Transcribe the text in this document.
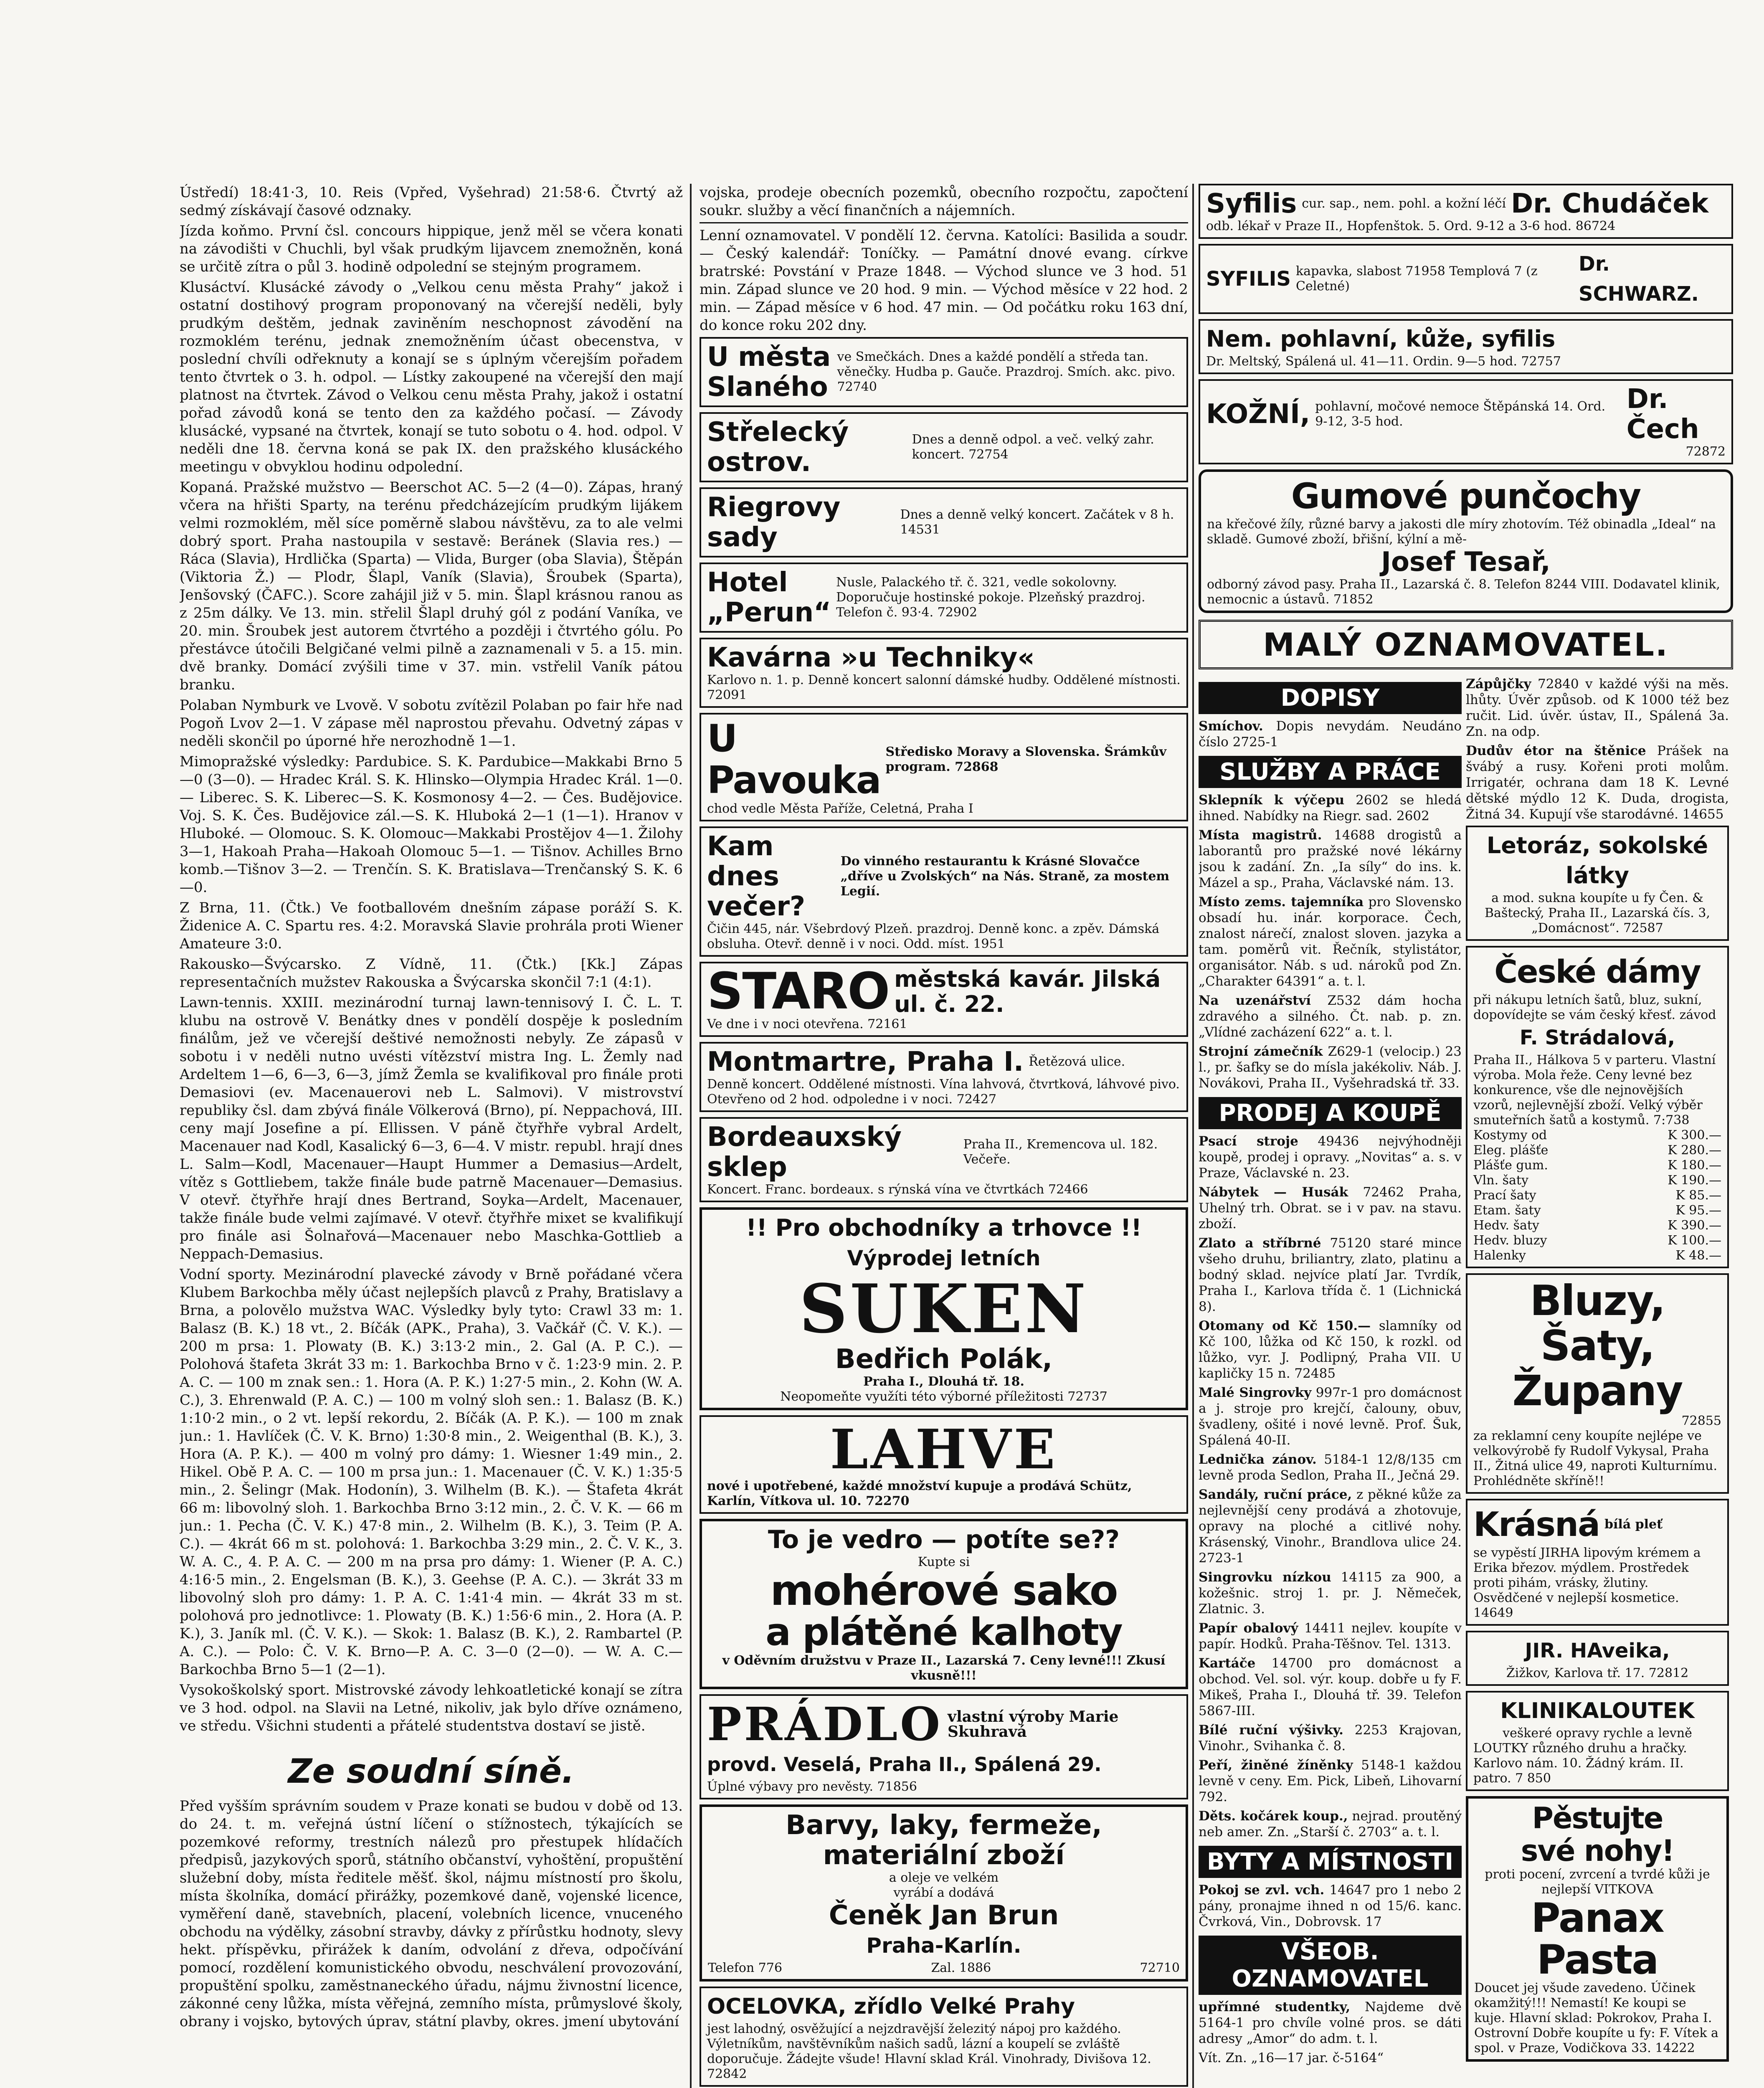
Ústředí) 18:41·3, 10. Reis (Vpřed, Vyšehrad) 21:58·6. Čtvrtý až sedmý získávají časové odznaky.

Jízda koňmo. První čsl. concours hippique, jenž měl se včera konati na závodišti v Chuchli, byl však prudkým lijavcem znemožněn, koná se určitě zítra o půl 3. hodině odpolední se stejným programem.

Klusáctví. Klusácké závody o „Velkou cenu města Prahy“ jakož i ostatní dostihový program proponovaný na včerejší neděli, byly prudkým deštěm, jednak zaviněním neschopnost závodění na rozmoklém terénu, jednak znemožněním účast obecenstva, v poslední chvíli odřeknuty a konají se s úplným včerejším pořadem tento čtvrtek o 3. h. odpol. — Lístky zakoupené na včerejší den mají platnost na čtvrtek. Závod o Velkou cenu města Prahy, jakož i ostatní pořad závodů koná se tento den za každého počasí. — Závody klusácké, vypsané na čtvrtek, konají se tuto sobotu o 4. hod. odpol. V neděli dne 18. června koná se pak IX. den pražského klusáckého meetingu v obvyklou hodinu odpolední.

Kopaná. Pražské mužstvo — Beerschot AC. 5—2 (4—0). Zápas, hraný včera na hřišti Sparty, na terénu předcházejícím prudkým lijákem velmi rozmoklém, měl síce poměrně slabou návštěvu, za to ale velmi dobrý sport. Praha nastoupila v sestavě: Beránek (Slavia res.) — Ráca (Slavia), Hrdlička (Sparta) — Vlida, Burger (oba Slavia), Štěpán (Viktoria Ž.) — Plodr, Šlapl, Vaník (Slavia), Šroubek (Sparta), Jenšovský (ČAFC.). Score zahájil již v 5. min. Šlapl krásnou ranou as z 25m dálky. Ve 13. min. střelil Šlapl druhý gól z podání Vaníka, ve 20. min. Šroubek jest autorem čtvrtého a později i čtvrtého gólu. Po přestávce útočili Belgičané velmi pilně a zaznamenali v 5. a 15. min. dvě branky. Domácí zvýšili time v 37. min. vstřelil Vaník pátou branku.

Polaban Nymburk ve Lvově. V sobotu zvítězil Polaban po fair hře nad Pogoň Lvov 2—1. V zápase měl naprostou převahu. Odvetný zápas v neděli skončil po úporné hře nerozhodně 1—1.

Mimopražské výsledky: Pardubice. S. K. Pardubice—Makkabi Brno 5—0 (3—0). — Hradec Král. S. K. Hlinsko—Olympia Hradec Král. 1—0. — Liberec. S. K. Liberec—S. K. Kosmonosy 4—2. — Čes. Budějovice. Voj. S. K. Čes. Budějovice zál.—S. K. Hluboká 2—1 (1—1). Hranov v Hluboké. — Olomouc. S. K. Olomouc—Makkabi Prostějov 4—1. Žilohy 3—1, Hakoah Praha—Hakoah Olomouc 5—1. — Tišnov. Achilles Brno komb.—Tišnov 3—2. — Trenčín. S. K. Bratislava—Trenčanský S. K. 6—0.

Z Brna, 11. (Čtk.) Ve footballovém dnešním zápase poráží S. K. Židenice A. C. Spartu res. 4:2. Moravská Slavie prohrála proti Wiener Amateure 3:0.

Rakousko—Švýcarsko. Z Vídně, 11. (Čtk.) [Kk.] Zápas representačních mužstev Rakouska a Švýcarska skončil 7:1 (4:1).

Lawn-tennis. XXIII. mezinárodní turnaj lawn-tennisový I. Č. L. T. klubu na ostrově V. Benátky dnes v pondělí dospěje k posledním finálům, jež ve včerejší deštivé nemožnosti nebyly. Ze zápasů v sobotu i v neděli nutno uvésti vítězství mistra Ing. L. Žemly nad Ardeltem 1—6, 6—3, 6—3, jímž Žemla se kvalifikoval pro finále proti Demasiovi (ev. Macenauerovi neb L. Salmovi). V mistrovství republiky čsl. dam zbývá finále Völkerová (Brno), pí. Neppachová, III. ceny mají Josefine a pí. Ellissen. V páně čtyřhře vybral Ardelt, Macenauer nad Kodl, Kasalický 6—3, 6—4. V mistr. republ. hrají dnes L. Salm—Kodl, Macenauer—Haupt Hummer a Demasius—Ardelt, vítěz s Gottliebem, takže finále bude patrně Macenauer—Demasius. V otevř. čtyřhře hrají dnes Bertrand, Soyka—Ardelt, Macenauer, takže finále bude velmi zajímavé. V otevř. čtyřhře mixet se kvalifikují pro finále asi Šolnařová—Macenauer nebo Maschka-Gottlieb a Neppach-Demasius.

Vodní sporty. Mezinárodní plavecké závody v Brně pořádané včera Klubem Barkochba měly účast nejlepších plavců z Prahy, Bratislavy a Brna, a polovělo mužstva WAC. Výsledky byly tyto: Crawl 33 m: 1. Balasz (B. K.) 18 vt., 2. Bíčák (APK., Praha), 3. Vačkář (Č. V. K.). — 200 m prsa: 1. Plowaty (B. K.) 3:13·2 min., 2. Gal (A. P. C.). — Polohová štafeta 3krát 33 m: 1. Barkochba Brno v č. 1:23·9 min. 2. P. A. C. — 100 m znak sen.: 1. Hora (A. P. K.) 1:27·5 min., 2. Kohn (W. A. C.), 3. Ehrenwald (P. A. C.) — 100 m volný sloh sen.: 1. Balasz (B. K.) 1:10·2 min., o 2 vt. lepší rekordu, 2. Bíčák (A. P. K.). — 100 m znak jun.: 1. Havlíček (Č. V. K. Brno) 1:30·8 min., 2. Weigenthal (B. K.), 3. Hora (A. P. K.). — 400 m volný pro dámy: 1. Wiesner 1:49 min., 2. Hikel. Obě P. A. C. — 100 m prsa jun.: 1. Macenauer (Č. V. K.) 1:35·5 min., 2. Šelingr (Mak. Hodonín), 3. Wilhelm (B. K.). — Štafeta 4krát 66 m: libovolný sloh. 1. Barkochba Brno 3:12 min., 2. Č. V. K. — 66 m jun.: 1. Pecha (Č. V. K.) 47·8 min., 2. Wilhelm (B. K.), 3. Teim (P. A. C.). — 4krát 66 m st. polohová: 1. Barkochba 3:29 min., 2. Č. V. K., 3. W. A. C., 4. P. A. C. — 200 m na prsa pro dámy: 1. Wiener (P. A. C.) 4:16·5 min., 2. Engelsman (B. K.), 3. Geehse (P. A. C.). — 3krát 33 m libovolný sloh pro dámy: 1. P. A. C. 1:41·4 min. — 4krát 33 m st. polohová pro jednotlivce: 1. Plowaty (B. K.) 1:56·6 min., 2. Hora (A. P. K.), 3. Janík ml. (Č. V. K.). — Skok: 1. Balasz (B. K.), 2. Rambartel (P. A. C.). — Polo: Č. V. K. Brno—P. A. C. 3—0 (2—0). — W. A. C.—Barkochba Brno 5—1 (2—1).

Vysokoškolský sport. Mistrovské závody lehkoatletické konají se zítra ve 3 hod. odpol. na Slavii na Letné, nikoliv, jak bylo dříve oznámeno, ve středu. Všichni studenti a přátelé studentstva dostaví se jistě.

Ze soudní síně.

Před vyšším správním soudem v Praze konati se budou v době od 13. do 24. t. m. veřejná ústní líčení o stížnostech, týkajících se pozemkové reformy, trestních nálezů pro přestupek hlídačích předpisů, jazykových sporů, státního občanství, vyhoštění, propuštění služební doby, místa ředitele měšť. škol, nájmu místností pro školu, místa školníka, domácí přirážky, pozemkové daně, vojenské licence, vyměření daně, stavebních, placení, volebních licence, vnuceného obchodu na výdělky, zásobní stravby, dávky z přírůstku hodnoty, slevy hekt. příspěvku, přirážek k daním, odvolání z dřeva, odpočívání pomocí, rozdělení komunistického obvodu, neschválení provozování, propuštění spolku, zaměstnaneckého úřadu, nájmu živnostní licence, zákonné ceny lůžka, místa věřejná, zemního místa, průmyslové školy, obrany i vojsko, bytových úprav, státní plavby, okres. jmení ubytování

vojska, prodeje obecních pozemků, obecního rozpočtu, započtení soukr. služby a věcí finančních a nájemních.

Lenní oznamovatel. V pondělí 12. června. Katolíci: Basilida a soudr. — Český kalendář: Toníčky. — Památní dnové evang. církve bratrské: Povstání v Praze 1848. — Východ slunce ve 3 hod. 51 min. Západ slunce ve 20 hod. 9 min. — Východ měsíce v 22 hod. 2 min. — Západ měsíce v 6 hod. 47 min. — Od počátku roku 163 dní, do konce roku 202 dny.

U města Slaného
ve Smečkách. Dnes a každé pondělí a středa tan. věnečky. Hudba p. Gauče. Prazdroj. Smích. akc. pivo. 72740
Střelecký ostrov.
Dnes a denně odpol. a več. velký zahr. koncert. 72754
Riegrovy sady
Dnes a denně velký koncert. Začátek v 8 h. 14531
Hotel „Perun“
Nusle, Palackého tř. č. 321, vedle sokolovny. Doporučuje hostinské pokoje. Plzeňský prazdroj. Telefon č. 93·4. 72902
Kavárna »u Techniky«
Karlovo n. 1. p. Denně koncert salonní dámské hudby. Oddělené místnosti. 72091
U Pavouka
Středisko Moravy a Slovenska. Šrámkův program. 72868
chod vedle Města Paříže, Celetná, Praha I
Kam dnes večer?
Do vinného restaurantu k Krásné Slovačce „dříve u Zvolských“ na Nás. Straně, za mostem Legií.
Čičin 445, nár. Všebrdový Plzeň. prazdroj. Denně konc. a zpěv. Dámská obsluha. Otevř. denně i v noci. Odd. míst. 1951
STARO městská kavár. Jilská ul. č. 22.
Ve dne i v noci otevřena. 72161
Montmartre, Praha I. Řetězová ulice.
Denně koncert. Oddělené místnosti. Vína lahvová, čtvrtková, láhvové pivo. Otevřeno od 2 hod. odpoledne i v noci. 72427
Bordeauxský sklep
Praha II., Kremencova ul. 182. Večeře.
Koncert. Franc. bordeaux. s rýnská vína ve čtvrtkách 72466
!! Pro obchodníky a trhovce !!
Výprodej letních
SUKEN
Bedřich Polák,
Praha I., Dlouhá tř. 18.
Neopomeňte využíti této výborné příležitosti 72737
LAHVE
nové i upotřebené, každé množství kupuje a prodává Schütz, Karlín, Vítkova ul. 10. 72270
To je vedro — potíte se??
Kupte si
mohérové sako
a plátěné kalhoty
v Oděvním družstvu v Praze II., Lazarská 7. Ceny levné!!! Zkusí vkusně!!!
PRÁDLO vlastní výroby Marie Skuhravá
provd. Veselá, Praha II., Spálená 29.
Úplné výbavy pro nevěsty. 71856
Barvy, laky, fermeže,
materiální zboží
a oleje ve velkém
vyrábí a dodává
Čeněk Jan Brun
Praha-Karlín.
Telefon 776	Zal. 1886	72710
OCELOVKA, zřídlo Velké Prahy
jest lahodný, osvěžující a nejzdravější železitý nápoj pro každého. Výletníkům, navštěvníkům našich sadů, lázní a koupelí se zvláště doporučuje. Žádejte všude! Hlavní sklad Král. Vinohrady, Divišova 12. 72842
Syfilis cur. sap., nem. pohl. a kožní léčí Dr. Chudáček
odb. lékař v Praze II., Hopfenštok. 5. Ord. 9-12 a 3-6 hod. 86724
SYFILIS kapavka, slabost 71958 Templová 7 (z Celetné)
Dr. SCHWARZ.
Nem. pohlavní, kůže, syfilis
Dr. Meltský, Spálená ul. 41—11. Ordin. 9—5 hod. 72757
KOŽNÍ, pohlavní, močové nemoce Štěpánská 14. Ord. 9-12, 3-5 hod.
Dr. Čech
72872
Gumové punčochy
na křečové žíly, různé barvy a jakosti dle míry zhotovím. Též obinadla „Ideal“ na skladě. Gumové zboží, břišní, kýlní a mě-
Josef Tesař,
odborný závod pasy. Praha II., Lazarská č. 8. Telefon 8244 VIII. Dodavatel klinik, nemocnic a ústavů. 71852
MALÝ OZNAMOVATEL.
DOPISY

Smíchov. Dopis nevydám. Neudáno číslo 2725-1

SLUŽBY A PRÁCE

Sklepník k výčepu 2602 se hledá ihned. Nabídky na Riegr. sad. 2602

Místa magistrů. 14688 drogistů a laborantů pro pražské nové lékárny jsou k zadání. Zn. „Ia síly“ do ins. k. Mázel a sp., Praha, Václavské nám. 13.

Místo zems. tajemníka pro Slovensko obsadí hu. inár. korporace. Čech, znalost nárečí, znalost sloven. jazyka a tam. poměrů vit. Řečník, stylistátor, organisátor. Náb. s ud. nároků pod Zn. „Charakter 64391“ a. t. l.

Na uzenářství Z532 dám hocha zdravého a silného. Čt. nab. p. zn. „Vlídné zacházení 622“ a. t. l.

Strojní zámečník Z629-1 (velocip.) 23 l., pr. šafky se do mísla jakékoliv. Náb. J. Novákovi, Praha II., Vyšehradská tř. 33.

PRODEJ A KOUPĚ

Psací stroje 49436 nejvýhodněji koupě, prodej i opravy. „Novitas“ a. s. v Praze, Václavské n. 23.

Nábytek — Husák 72462 Praha, Uhelný trh. Obrat. se i v pav. na stavu. zboží.

Zlato a stříbrné 75120 staré mince všeho druhu, briliantry, zlato, platinu a bodný sklad. nejvíce platí Jar. Tvrdík, Praha I., Karlova třída č. 1 (Lichnická 8).

Otomany od Kč 150.— slamníky od Kč 100, lůžka od Kč 150, k rozkl. od lůžko, vyr. J. Podlipný, Praha VII. U kapličky 15 n. 72485

Malé Singrovky 997r-1 pro domácnost a j. stroje pro krejčí, čalouny, obuv, švadleny, ošité i nové levně. Prof. Šuk, Spálená 40-II.

Lednička zánov. 5184-1 12/8/135 cm levně proda Sedlon, Praha II., Ječná 29.

Sandály, ruční práce, z pěkné kůže za nejlevnější ceny prodává a zhotovuje, opravy na ploché a citlivé nohy. Krásenský, Vinohr., Brandlova ulice 24. 2723-1

Singrovku nízkou 14115 za 900, a kožešnic. stroj 1. pr. J. Němeček, Zlatnic. 3.

Papír obalový 14411 nejlev. koupíte v papír. Hodků. Praha-Těšnov. Tel. 1313.

Kartáče 14700 pro domácnost a obchod. Vel. sol. výr. koup. dobře u fy F. Mikeš, Praha I., Dlouhá tř. 39. Telefon 5867-III.

Bílé ruční výšivky. 2253 Krajovan, Vinohr., Svihanka č. 8.

Peří, žiněné žíněnky 5148-1 každou levně v ceny. Em. Pick, Libeň, Lihovarní 792.

Děts. kočárek koup., nejrad. proutěný neb amer. Zn. „Starší č. 2703“ a. t. l.

BYTY A MÍSTNOSTI

Pokoj se zvl. vch. 14647 pro 1 nebo 2 pány, pronajme ihned n od 15/6. kanc. Čvrková, Vin., Dobrovsk. 17

VŠEOB. OZNAMOVATEL

upřímné studentky, Najdeme dvě 5164-1 pro chvíle volné pros. se dáti adresy „Amor“ do adm. t. l.

Vít. Zn. „16—17 jar. č-5164“

Zápůjčky 72840 v každé výši na měs. lhůty. Úvěr způsob. od K 1000 též bez ručit. Lid. úvěr. ústav, II., Spálená 3a. Zn. na odp.

Dudův étor na štěnice Prášek na švábý a rusy. Kořeni proti molům. Irrigatér, ochrana dam 18 K. Levné dětské mýdlo 12 K. Duda, drogista, Žitná 34. Kupují vše starodávné. 14655

Letoráz, sokolské látky
a mod. sukna koupíte u fy Čen. & Baštecký, Praha II., Lazarská čís. 3, „Domácnost“. 72587
České dámy
při nákupu letních šatů, bluz, sukní, dopovídejte se vám český křesť. závod
F. Strádalová,
Praha II., Hálkova 5 v parteru. Vlastní výroba. Mola řeže. Ceny levné bez konkurence, vše dle nejnovějších vzorů, nejlevnější zboží. Velký výběr smuteřních šatů a kostymů. 7:738
Kostymy od	K 300.—
Eleg. plášťe	K 280.—
Plášťe gum.	K 180.—
Vln. šaty	K 190.—
Prací šaty	K 85.—
Etam. šaty	K 95.—
Hedv. šaty	K 390.—
Hedv. bluzy	K 100.—
Halenky	K 48.—
Bluzy,
Šaty,
Župany
72855
za reklamní ceny koupíte nejlépe ve velkovýrobě fy Rudolf Vykysal, Praha II., Žitná ulice 49, naproti Kulturnímu. Prohlédněte skříně!!
Krásná bílá pleť
se vypěstí JIRHA lipovým krémem a Erika březov. mýdlem. Prostředek proti pihám, vrásky, žlutiny. Osvědčené v nejlepší kosmetice. 14649
JIR. HAveika,
Žižkov, Karlova tř. 17. 72812
KLINIKALOUTEK
veškeré opravy rychle a levně
LOUTKY různého druhu a hračky. Karlovo nám. 10. Žádný krám. II. patro. 7 850
Pěstujte
své nohy!
proti pocení, zvrcení a tvrdé kůži je nejlepší VITKOVA
Panax
Pasta
Doucet jej všude zavedeno. Účinek okamžitý!!! Nemastí! Ke koupi se kuje. Hlavní sklad: Pokrokov, Praha I. Ostrovní Dobře koupíte u fy: F. Vítek a spol. v Praze, Vodičkova 33. 14222
